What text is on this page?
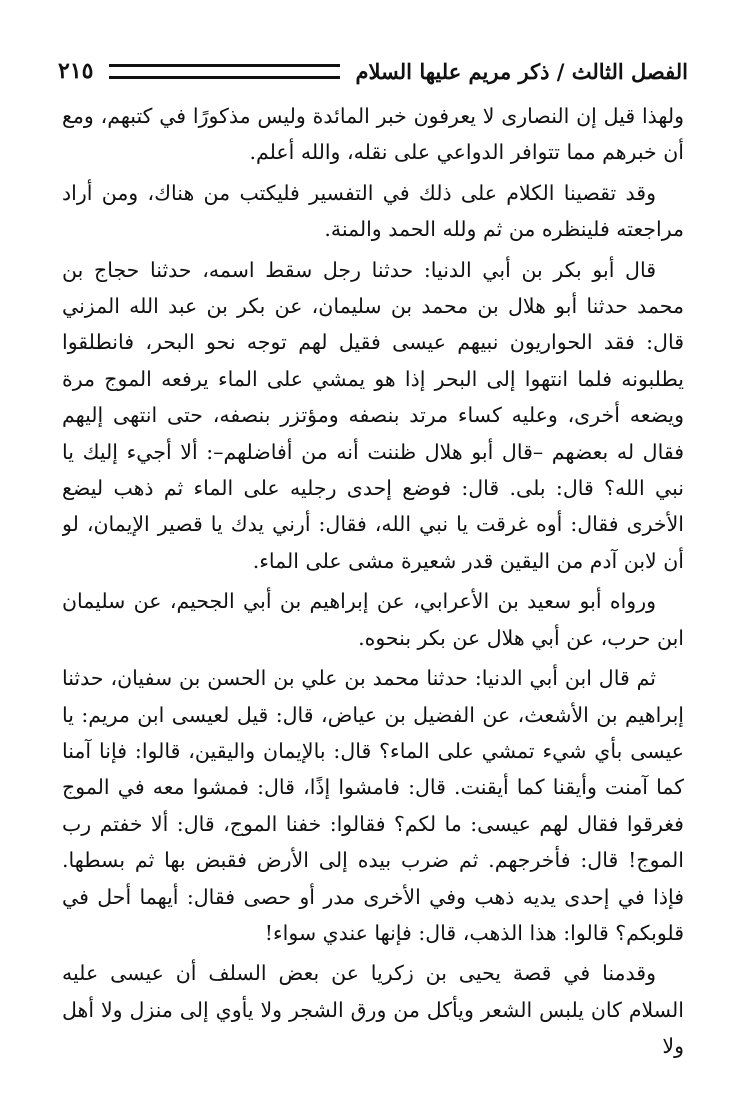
الفصل الثالث / ذكر مريم عليها السلام
٢١٥

ولهذا قيل إن النصارى لا يعرفون خبر المائدة وليس مذكورًا في كتبهم، ومع أن خبرهم مما تتوافر الدواعي على نقله، والله أعلم.

وقد تقصينا الكلام على ذلك في التفسير فليكتب من هناك، ومن أراد مراجعته فلينظره من ثم ولله الحمد والمنة.

قال أبو بكر بن أبي الدنيا: حدثنا رجل سقط اسمه، حدثنا حجاج بن محمد حدثنا أبو هلال بن محمد بن سليمان، عن بكر بن عبد الله المزني قال: فقد الحواريون نبيهم عيسى فقيل لهم توجه نحو البحر، فانطلقوا يطلبونه فلما انتهوا إلى البحر إذا هو يمشي على الماء يرفعه الموج مرة ويضعه أخرى، وعليه كساء مرتد بنصفه ومؤتزر بنصفه، حتى انتهى إليهم فقال له بعضهم –قال أبو هلال ظننت أنه من أفاضلهم–: ألا أجيء إليك يا نبي الله؟ قال: بلى. قال: فوضع إحدى رجليه على الماء ثم ذهب ليضع الأخرى فقال: أوه غرقت يا نبي الله، فقال: أرني يدك يا قصير الإيمان، لو أن لابن آدم من اليقين قدر شعيرة مشى على الماء.

ورواه أبو سعيد بن الأعرابي، عن إبراهيم بن أبي الجحيم، عن سليمان ابن حرب، عن أبي هلال عن بكر بنحوه.

ثم قال ابن أبي الدنيا: حدثنا محمد بن علي بن الحسن بن سفيان، حدثنا إبراهيم بن الأشعث، عن الفضيل بن عياض، قال: قيل لعيسى ابن مريم: يا عيسى بأي شيء تمشي على الماء؟ قال: بالإيمان واليقين، قالوا: فإنا آمنا كما آمنت وأيقنا كما أيقنت. قال: فامشوا إذًا، قال: فمشوا معه في الموج فغرقوا فقال لهم عيسى: ما لكم؟ فقالوا: خفنا الموج، قال: ألا خفتم رب الموج! قال: فأخرجهم. ثم ضرب بيده إلى الأرض فقبض بها ثم بسطها. فإذا في إحدى يديه ذهب وفي الأخرى مدر أو حصى فقال: أيهما أحل في قلوبكم؟ قالوا: هذا الذهب، قال: فإنها عندي سواء!

وقدمنا في قصة يحيى بن زكريا عن بعض السلف أن عيسى عليه السلام كان يلبس الشعر ويأكل من ورق الشجر ولا يأوي إلى منزل ولا أهل ولا
